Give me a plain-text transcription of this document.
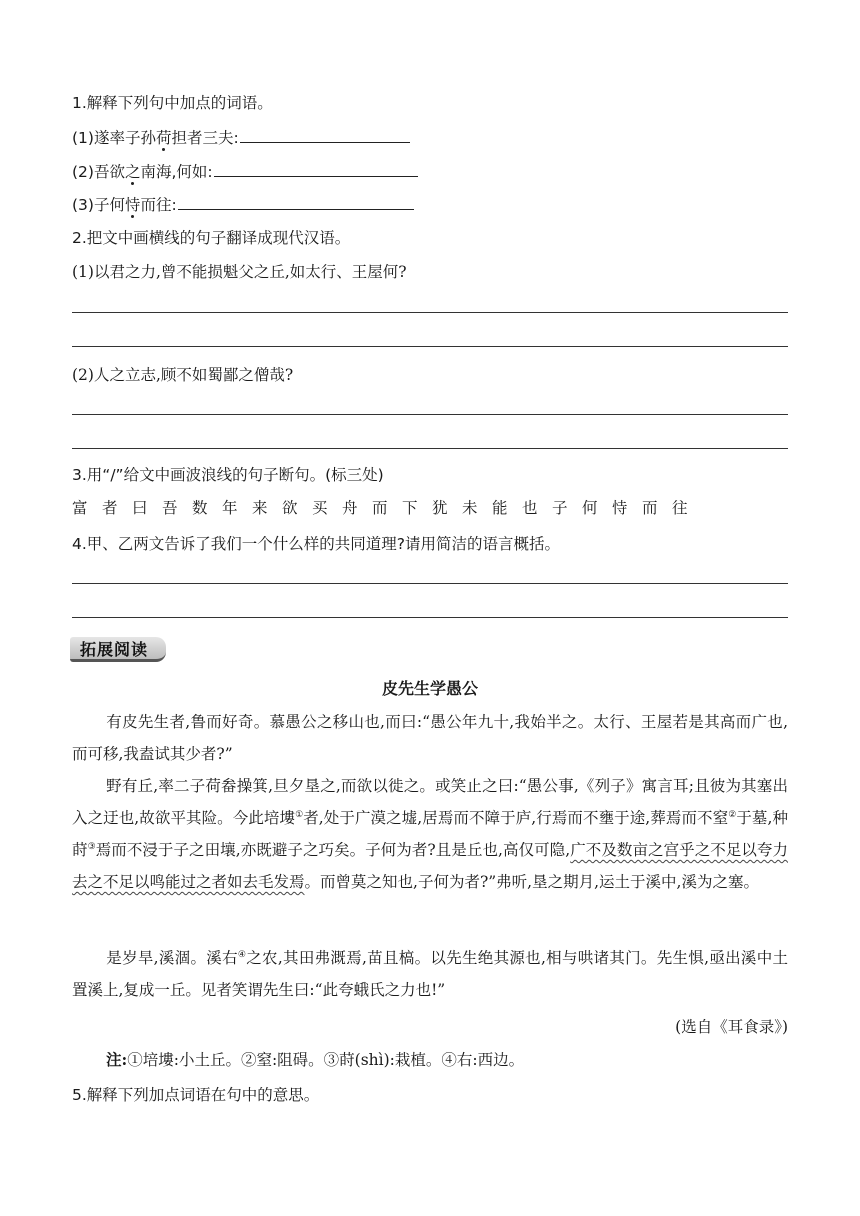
1.解释下列句中加点的词语。
(1)遂率子孙荷担者三夫:
(2)吾欲之南海,何如:
(3)子何恃而往:
2.把文中画横线的句子翻译成现代汉语。
(1)以君之力,曾不能损魁父之丘,如太行、王屋何?
(2)人之立志,顾不如蜀鄙之僧哉?
3.用“/”给文中画波浪线的句子断句。(标三处)
富者曰吾数年来欲买舟而下犹未能也子何恃而往
4.甲、乙两文告诉了我们一个什么样的共同道理?请用简洁的语言概括。
拓展阅读
皮先生学愚公
有皮先生者,鲁而好奇。慕愚公之移山也,而曰:“愚公年九十,我始半之。太行、王屋若是其高而广也,而可移,我盍试其少者?”
野有丘,率二子荷畚操箕,旦夕垦之,而欲以徙之。或笑止之曰:“愚公事,《列子》寓言耳;且彼为其塞出入之迂也,故欲平其险。今此培塿①者,处于广漠之墟,居焉而不障于庐,行焉而不壅于途,葬焉而不窒②于墓,种莳③焉而不浸于子之田壤,亦既避子之巧矣。子何为者?且是丘也,高仅可隐,广不及数亩之宫乎之不足以夸力去之不足以鸣能过之者如去毛发焉。而曾莫之知也,子何为者?”弗听,垦之期月,运土于溪中,溪为之塞。
是岁旱,溪涸。溪右④之农,其田弗溉焉,苗且槁。以先生绝其源也,相与哄诸其门。先生惧,亟出溪中土置溪上,复成一丘。见者笑谓先生曰:“此夸蛾氏之力也!”
(选自《耳食录》)
注:①培塿:小土丘。②窒:阻碍。③莳(shì):栽植。④右:西边。
5.解释下列加点词语在句中的意思。
